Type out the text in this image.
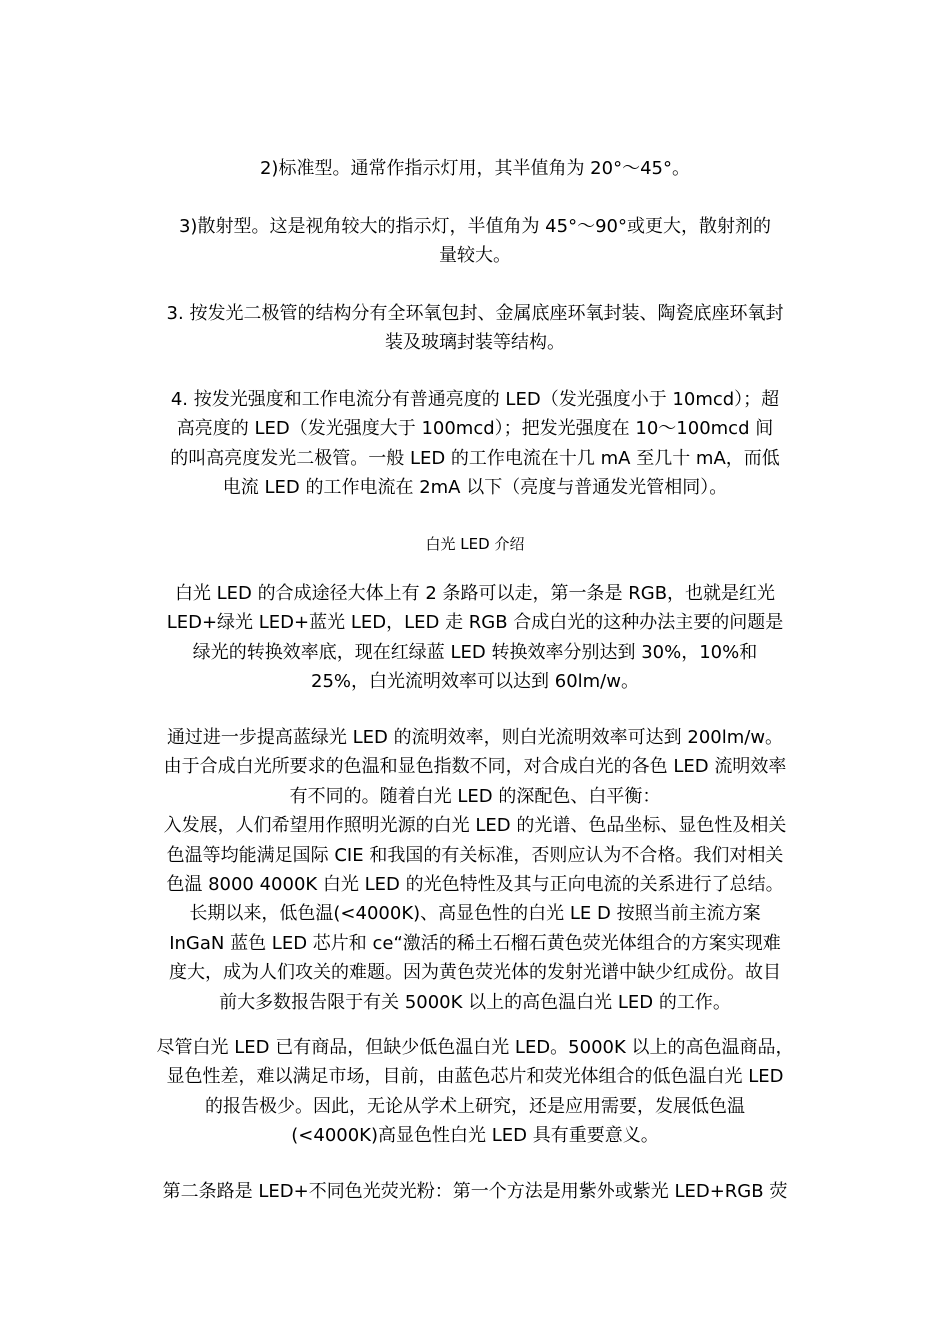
2)标准型。通常作指示灯用，其半值角为 20°～45°。
3)散射型。这是视角较大的指示灯，半值角为 45°～90°或更大，散射剂的
量较大。
3. 按发光二极管的结构分有全环氧包封、金属底座环氧封装、陶瓷底座环氧封
装及玻璃封装等结构。
4. 按发光强度和工作电流分有普通亮度的 LED（发光强度小于 10mcd）；超
高亮度的 LED（发光强度大于 100mcd）；把发光强度在 10～100mcd 间
的叫高亮度发光二极管。一般 LED 的工作电流在十几 mA 至几十 mA，而低
电流 LED 的工作电流在 2mA 以下（亮度与普通发光管相同）。
白光 LED 介绍
白光 LED 的合成途径大体上有 2 条路可以走，第一条是 RGB，也就是红光
LED+绿光 LED+蓝光 LED，LED 走 RGB 合成白光的这种办法主要的问题是
绿光的转换效率底，现在红绿蓝 LED 转换效率分别达到 30%，10%和
25%，白光流明效率可以达到 60lm/w。
通过进一步提高蓝绿光 LED 的流明效率，则白光流明效率可达到 200lm/w。
由于合成白光所要求的色温和显色指数不同，对合成白光的各色 LED 流明效率
有不同的。随着白光 LED 的深配色、白平衡：
入发展，人们希望用作照明光源的白光 LED 的光谱、色品坐标、显色性及相关
色温等均能满足国际 CIE 和我国的有关标准，否则应认为不合格。我们对相关
色温 8000 4000K 白光 LED 的光色特性及其与正向电流的关系进行了总结。
长期以来，低色温(<4000K)、高显色性的白光 LE D 按照当前主流方案
InGaN 蓝色 LED 芯片和 ce“激活的稀土石榴石黄色荧光体组合的方案实现难
度大，成为人们攻关的难题。因为黄色荧光体的发射光谱中缺少红成份。故目
前大多数报告限于有关 5000K 以上的高色温白光 LED 的工作。
尽管白光 LED 已有商品，但缺少低色温白光 LED。5000K 以上的高色温商品，
显色性差，难以满足市场，目前，由蓝色芯片和荧光体组合的低色温白光 LED
的报告极少。因此，无论从学术上研究，还是应用需要，发展低色温
(<4000K)高显色性白光 LED 具有重要意义。
第二条路是 LED+不同色光荧光粉：第一个方法是用紫外或紫光 LED+RGB 荧
